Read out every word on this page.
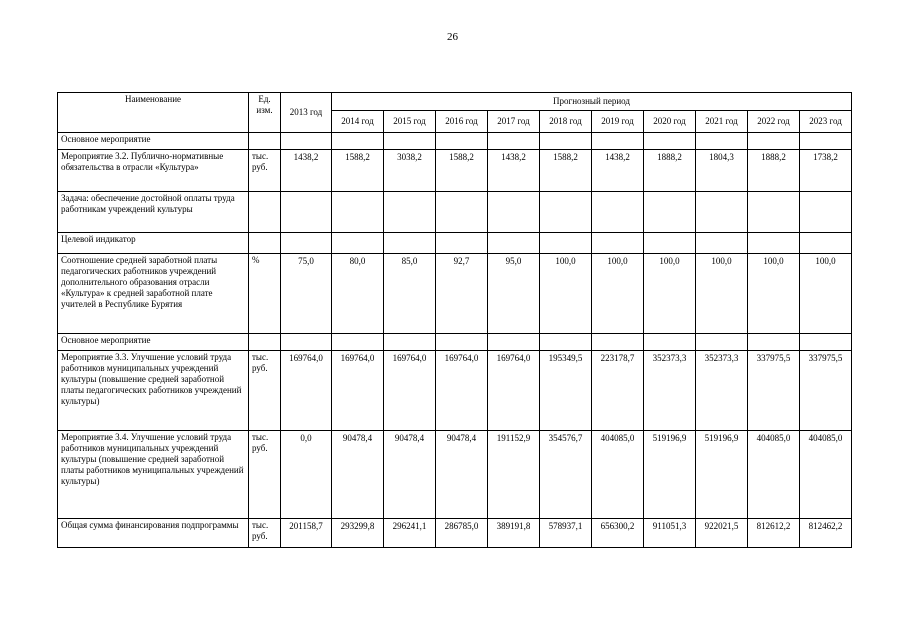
26
Наименование	Ед. изм.	2013 год	Прогнозный период									
			2014 год	2015 год	2016 год	2017 год	2018 год	2019 год	2020 год	2021 год	2022 год	2023 год
Основное мероприятие												
Мероприятие 3.2. Публично-нормативные обязательства в отрасли «Культура»	тыс. руб.	1438,2	1588,2	3038,2	1588,2	1438,2	1588,2	1438,2	1888,2	1804,3	1888,2	1738,2
Задача: обеспечение достойной оплаты труда работникам учреждений культуры												
Целевой индикатор												
Соотношение средней заработной платы педагогических работников учреждений дополнительного образования отрасли «Культура» к средней заработной плате учителей в Республике Бурятия	%	75,0	80,0	85,0	92,7	95,0	100,0	100,0	100,0	100,0	100,0	100,0
Основное мероприятие												
Мероприятие 3.3. Улучшение условий труда работников муниципальных учреждений культуры (повышение средней заработной платы педагогических работников учреждений культуры)	тыс. руб.	169764,0	169764,0	169764,0	169764,0	169764,0	195349,5	223178,7	352373,3	352373,3	337975,5	337975,5
Мероприятие 3.4. Улучшение условий труда работников муниципальных учреждений культуры (повышение средней заработной платы работников муниципальных учреждений культуры)	тыс. руб.	0,0	90478,4	90478,4	90478,4	191152,9	354576,7	404085,0	519196,9	519196,9	404085,0	404085,0
Общая сумма финансирования подпрограммы	тыс. руб.	201158,7	293299,8	296241,1	286785,0	389191,8	578937,1	656300,2	911051,3	922021,5	812612,2	812462,2
